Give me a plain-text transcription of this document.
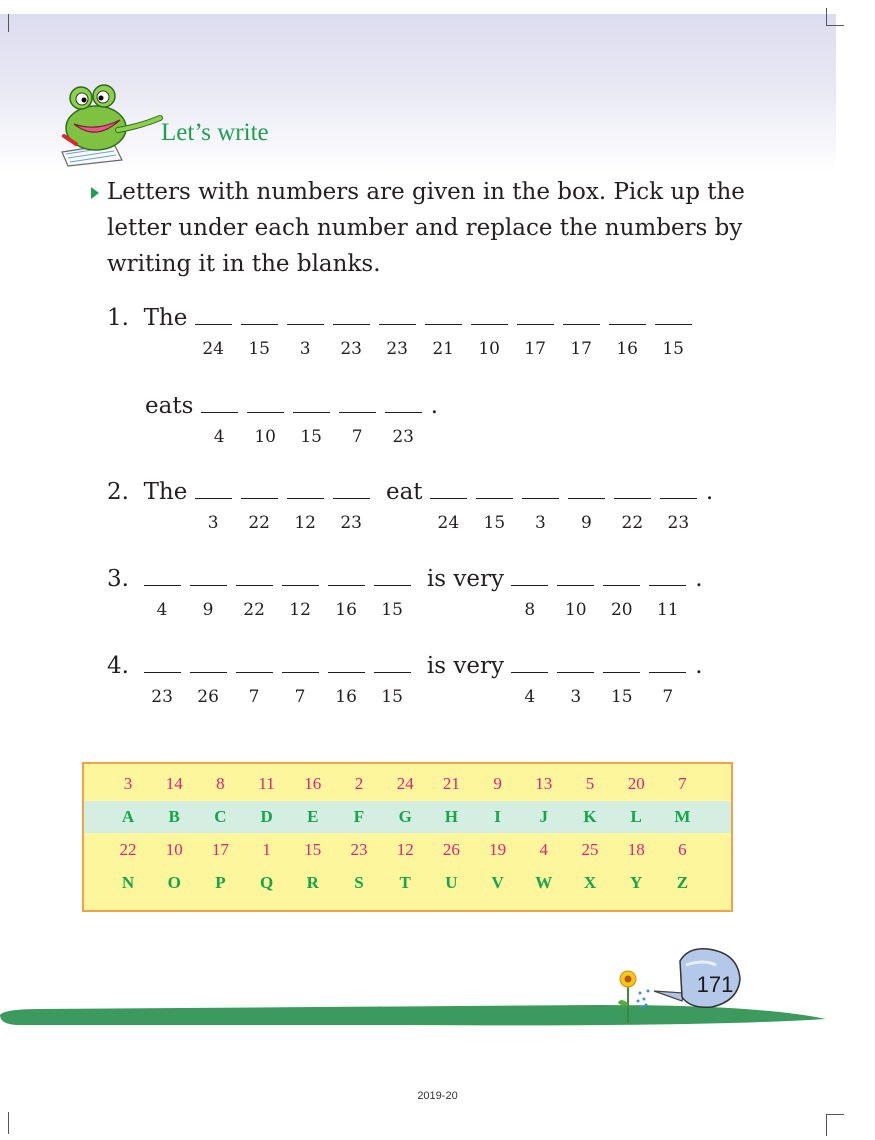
Let’s write
Letters with numbers are given in the box. Pick up the letter under each number and replace the numbers by writing it in the blanks.
1. The
24	15	3	23	23	21	10	17	17	16	15
eats	.
4	10	15	7	23
2. The	eat	.
3	22	12	23	24	15	3	9	22	23
3.	is very	.
4	9	22	12	16	15	8	10	20	11
4.	is very	.
23	26	7	7	16	15	4	3	15	7
3	14	8	11	16	2	24	21	9	13	5	20	7
A	B	C	D	E	F	G	H	I	J	K	L	M
22	10	17	1	15	23	12	26	19	4	25	18	6
N	O	P	Q	R	S	T	U	V	W	X	Y	Z
171
2019-20
